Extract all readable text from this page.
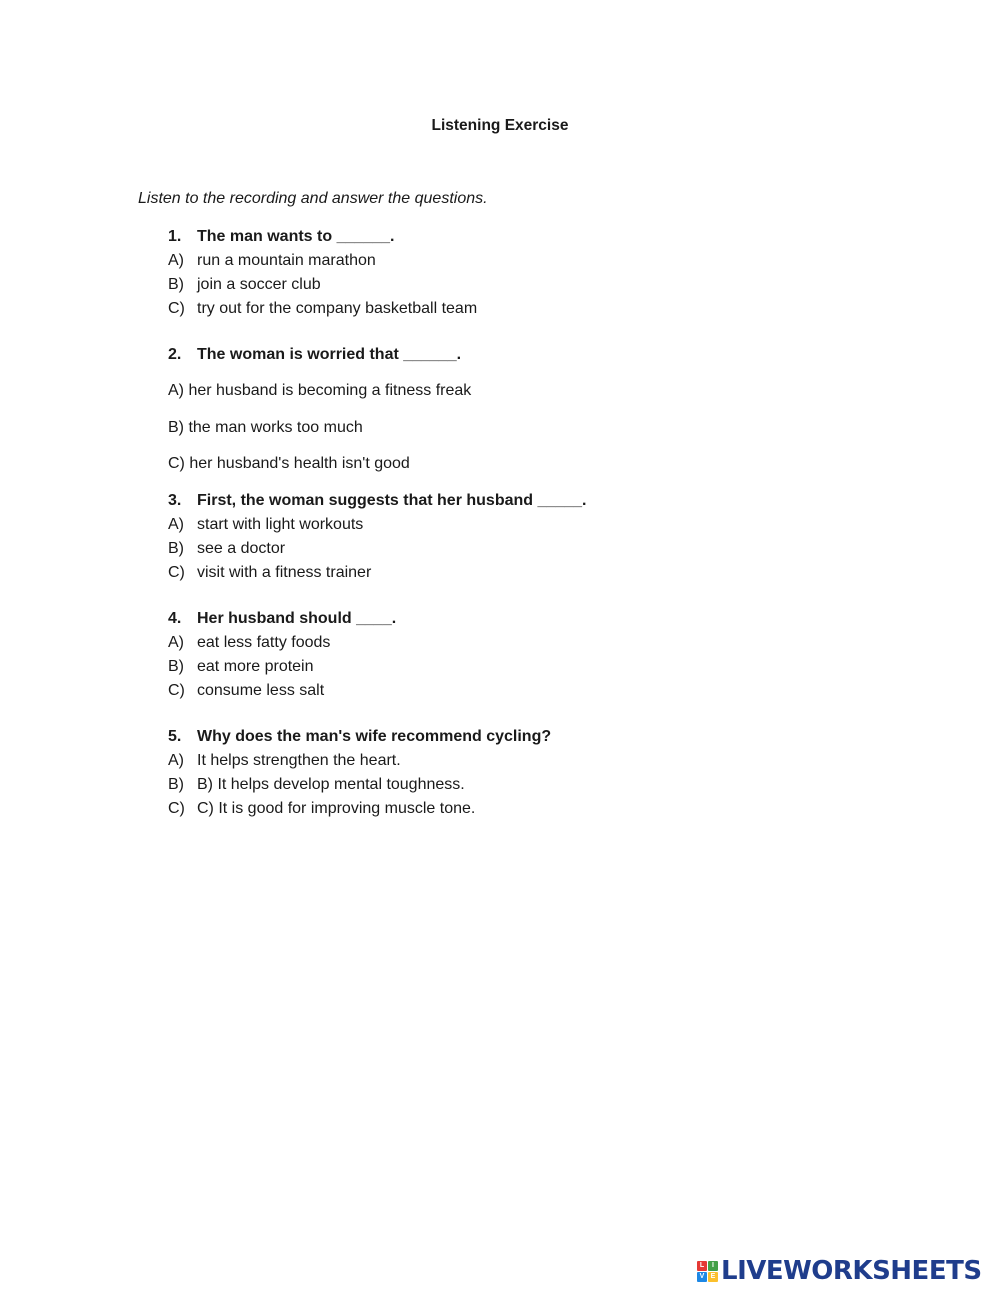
Listening Exercise
Listen to the recording and answer the questions.
1. The man wants to ______.
A) run a mountain marathon
B) join a soccer club
C) try out for the company basketball team
2. The woman is worried that ______.
A) her husband is becoming a fitness freak
B) the man works too much
C) her husband's health isn't good
3. First, the woman suggests that her husband _____.
A) start with light workouts
B) see a doctor
C) visit with a fitness trainer
4. Her husband should ____.
A) eat less fatty foods
B) eat more protein
C) consume less salt
5. Why does the man's wife recommend cycling?
A) It helps strengthen the heart.
B) B) It helps develop mental toughness.
C) C) It is good for improving muscle tone.
L	I
V E LIVEWORKSHEETS
